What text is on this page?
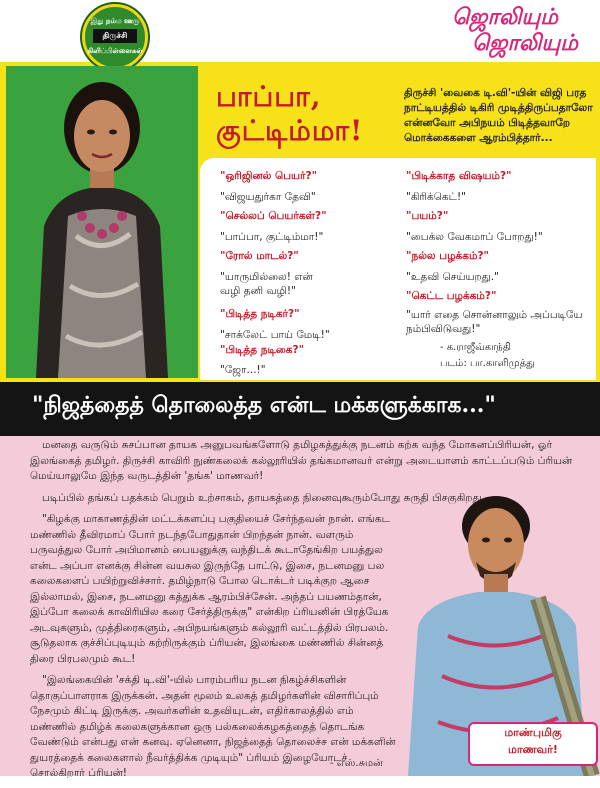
இது நம்ம ஊரு
திருச்சி
கிளிப்பிள்ளைகள்
ஜொலியும்
ஜொலியும்
பாப்பா,
குட்டிம்மா!
திருச்சி 'வைகை டி.வி'-யின் விஜி பரத நாட்டியத்தில் டிகிரி முடித்திருப்பதாலோ என்னவோ அபிநயம் பிடித்தவாறே மொக்கைகளை ஆரம்பித்தார்...
"ஒரிஜினல் பெயர்?"
"விஜயதுர்கா தேவி"
"செல்லப் பெயர்கள்?"
"பாப்பா, குட்டிம்மா!"
"ரோல் மாடல்?"
"யாருமில்லை! என் வழி தனி வழி!"
"பிடித்த நடிகர்?"
"சாக்லேட் பாய் மேடி!"
"பிடித்த நடிகை?"
"ஜோ...!"
"பிடிக்காத விஷயம்?"
"கிரிக்கெட்!"
"பயம்?"
"பைக்ல வேகமாப் போறது!"
"நல்ல பழக்கம்?"
"உதவி செய்யறது."
"கெட்ட பழக்கம்?"
"யார் எதை சொன்னாலும் அப்படியே நம்பிவிடுவது!"
- க.ராஜீவ்காந்தி
படம்: பா.காளிமுத்து
"நிஜத்தைத் தொலைத்த என்ட மக்களுக்காக..."

மனதை வருடும் சுசப்பான தாயக அனுபவங்களோடு தமிழகத்துக்கு நடனம் கற்க வந்த மோகனப்பிரியன், ஓர் இலங்கைத் தமிழர். திருச்சி காவிரி நுண்கலைக் கல்லூரியில் தங்கமானவர் என்று அடையாளம் காட்டப்படும் ப்ரியன் மெய்யாலுமே இந்த வருடத்தின் 'தங்க' மாணவர்!

படிப்பில் தங்கப் பதக்கம் பெறும் உற்சாகம், தாயகத்தை நினைவுகூரும்போது சுருதி பிசகுகிறது.

"கிழக்கு மாகாணத்தின் மட்டக்களப்பு பகுதியைச் சேர்ந்தவன் நான். எங்கட மண்ணில் தீவிரமாப் போர் நடந்தபோதுதான் பிறந்தன் நான். வளரும் பருவத்துல போர் அபிமானம் பையனுக்கு வந்திடக் கூடாதேங்கிற பயத்துல என்ட அப்பா எனக்கு சின்ன வயசுல இருந்தே பாட்டு, இசை, நடனமனு பல கலைகளைப் பயிற்றுவிச்சார். தமிழ்நாடு போல டொக்டர் படிக்குற ஆசை இல்லாமல், இசை, நடனமனு கத்துக்க ஆரம்பிச்சேன். அந்தப் பயணம்தான், இப்போ கலைக் காவிரியில கரை சேர்த்திருக்கு" என்கிற ப்ரியனின் பிரத்யேக அடவுகளும், முத்திரைகளும், அபிநயங்களும் கல்லூரி வட்டத்தில் பிரபலம். சூடுதலாக குச்சிப்புடியும் கற்றிருக்கும் ப்ரியன், இலங்கை மண்ணில் சின்னத் திரை பிரபலமும் கூட!

"இலங்கையின் 'சக்தி டி.வி'-யில் பாரம்பரிய நடன நிகழ்ச்சிகளின் தொகுப்பாளராக இருக்கன். அதன் மூலம் உலகத் தமிழர்களின் விசாரிப்பும் நேசமும் கிட்டி இருக்கு. அவர்களின் உதவியுடன், எதிர்காலத்தில் எம் மண்ணில் தமிழ்க் கலைகளுக்கான ஒரு பல்கலைக்கழகத்தைத் தொடங்க வேண்டும் என்பது என் கனவு. ஏனெனா, நிஜத்தைத் தொலைச்ச என் மக்களின் துயரத்தைக் கலைகளால் நீவர்த்திக்க முடியும்" ப்ரியம் இழையோடச் சொல்கிறார் ப்ரியன்!

மாண்புமிகு
மாணவர்!
- எஸ்.சுமன்
